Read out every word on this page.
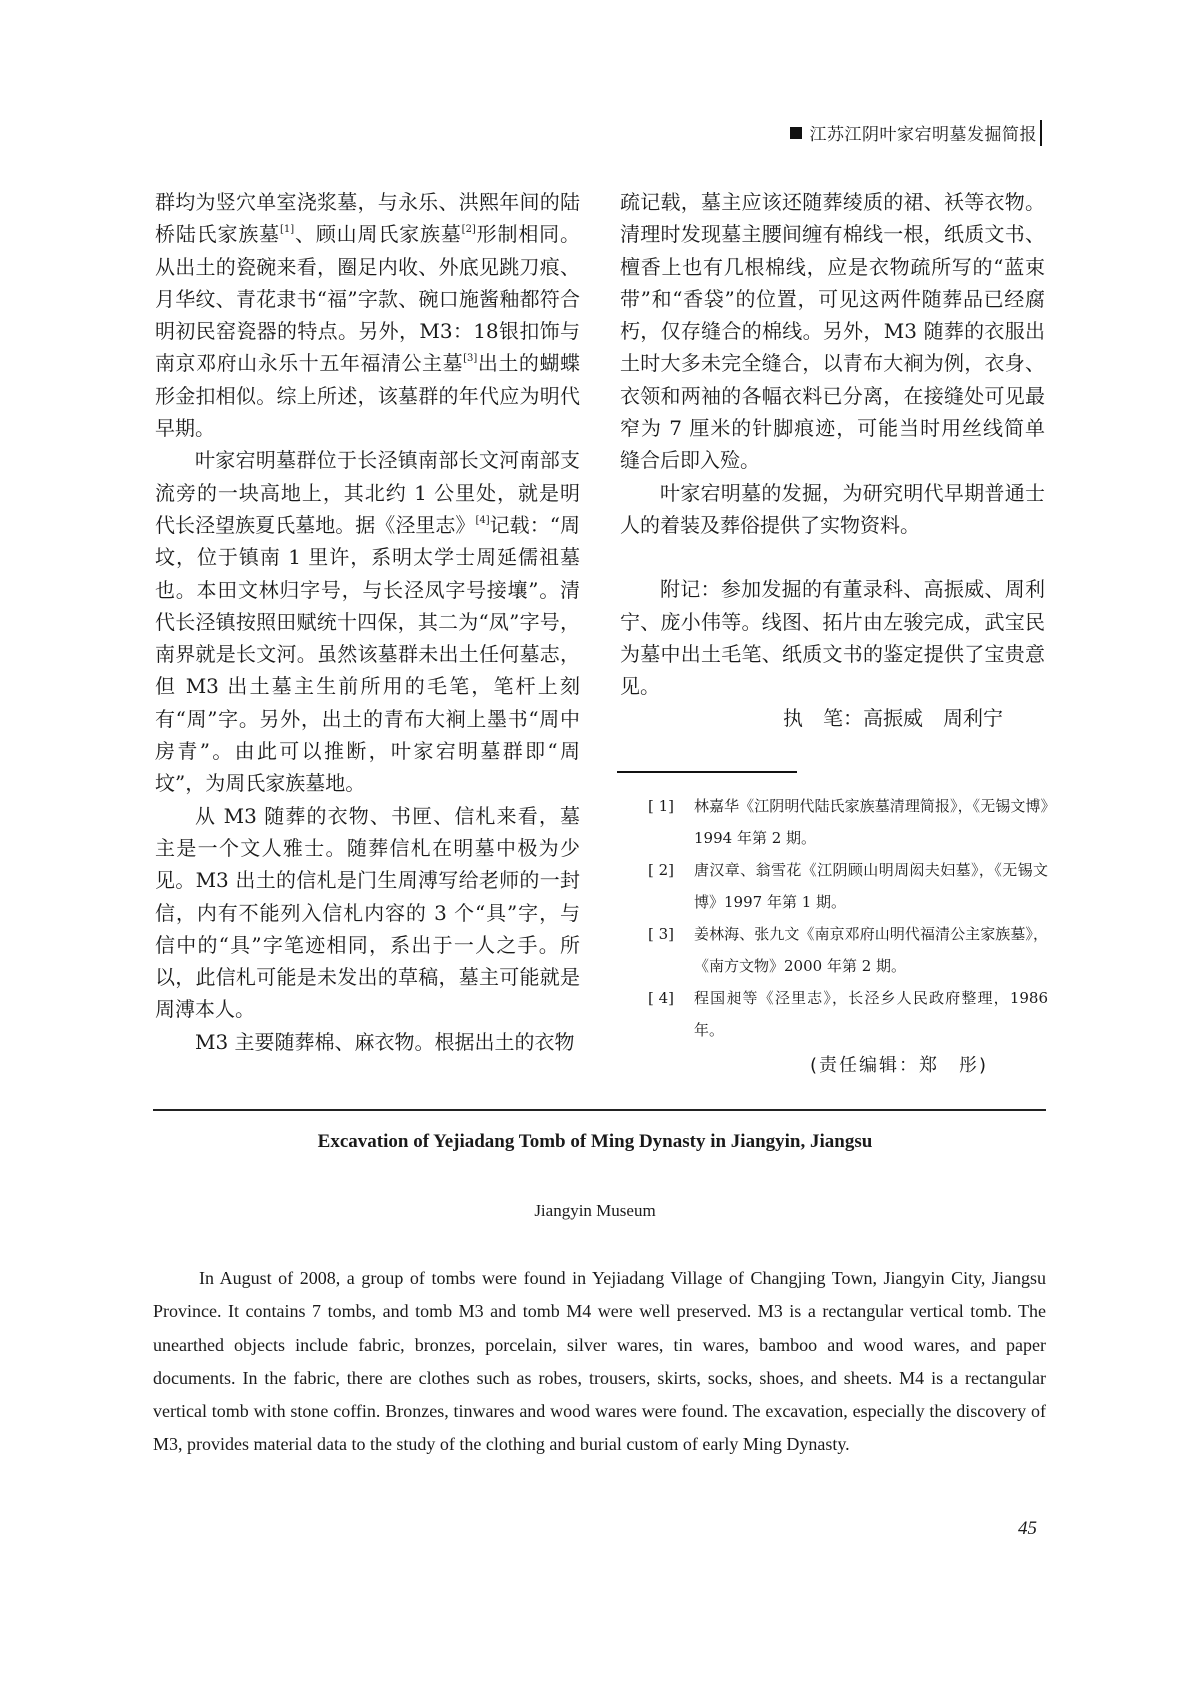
江苏江阴叶家宕明墓发掘简报

群均为竖穴单室浇浆墓，与永乐、洪熙年间的陆桥陆氏家族墓[1]、顾山周氏家族墓[2]形制相同。从出土的瓷碗来看，圈足内收、外底见跳刀痕、月华纹、青花隶书“福”字款、碗口施酱釉都符合明初民窑瓷器的特点。另外，M3：18银扣饰与南京邓府山永乐十五年福清公主墓[3]出土的蝴蝶形金扣相似。综上所述，该墓群的年代应为明代早期。

叶家宕明墓群位于长泾镇南部长文河南部支流旁的一块高地上，其北约 1 公里处，就是明代长泾望族夏氏墓地。据《泾里志》[4]记载：“周坟，位于镇南 1 里许，系明太学士周延儒祖墓也。本田文林归字号，与长泾凤字号接壤”。清代长泾镇按照田赋统十四保，其二为“凤”字号，南界就是长文河。虽然该墓群未出土任何墓志，但 M3 出土墓主生前所用的毛笔，笔杆上刻有“周”字。另外，出土的青布大裥上墨书“周中房青”。由此可以推断，叶家宕明墓群即“周坟”，为周氏家族墓地。

从 M3 随葬的衣物、书匣、信札来看，墓主是一个文人雅士。随葬信札在明墓中极为少见。M3 出土的信札是门生周溥写给老师的一封信，内有不能列入信札内容的 3 个“具”字，与信中的“具”字笔迹相同，系出于一人之手。所以，此信札可能是未发出的草稿，墓主可能就是周溥本人。

M3 主要随葬棉、麻衣物。根据出土的衣物

疏记载，墓主应该还随葬绫质的裙、袄等衣物。清理时发现墓主腰间缠有棉线一根，纸质文书、檀香上也有几根棉线，应是衣物疏所写的“蓝束带”和“香袋”的位置，可见这两件随葬品已经腐朽，仅存缝合的棉线。另外，M3 随葬的衣服出土时大多未完全缝合，以青布大裥为例，衣身、衣领和两袖的各幅衣料已分离，在接缝处可见最窄为 7 厘米的针脚痕迹，可能当时用丝线简单缝合后即入殓。

叶家宕明墓的发掘，为研究明代早期普通士人的着装及葬俗提供了实物资料。

附记：参加发掘的有董录科、高振威、周利宁、庞小伟等。线图、拓片由左骏完成，武宝民为墓中出土毛笔、纸质文书的鉴定提供了宝贵意见。

执　笔：高振威　周利宁

[ 1]	林嘉华《江阴明代陆氏家族墓清理简报》，《无锡文博》1994 年第 2 期。
[ 2]	唐汉章、翁雪花《江阴顾山明周闳夫妇墓》，《无锡文博》1997 年第 1 期。
[ 3]	姜林海、张九文《南京邓府山明代福清公主家族墓》，《南方文物》2000 年第 2 期。
[ 4]	程国昶等《泾里志》，长泾乡人民政府整理，1986 年。
(责任编辑：郑　彤)
Excavation of Yejiadang Tomb of Ming Dynasty in Jiangyin, Jiangsu
Jiangyin Museum

In August of 2008, a group of tombs were found in Yejiadang Village of Changjing Town, Jiangyin City, Jiangsu Province. It contains 7 tombs, and tomb M3 and tomb M4 were well preserved. M3 is a rectangular vertical tomb. The unearthed objects include fabric, bronzes, porcelain, silver wares, tin wares, bamboo and wood wares, and paper documents. In the fabric, there are clothes such as robes, trousers, skirts, socks, shoes, and sheets. M4 is a rectangular vertical tomb with stone coffin. Bronzes, tinwares and wood wares were found. The excavation, especially the discovery of M3, provides material data to the study of the clothing and burial custom of early Ming Dynasty.

45
